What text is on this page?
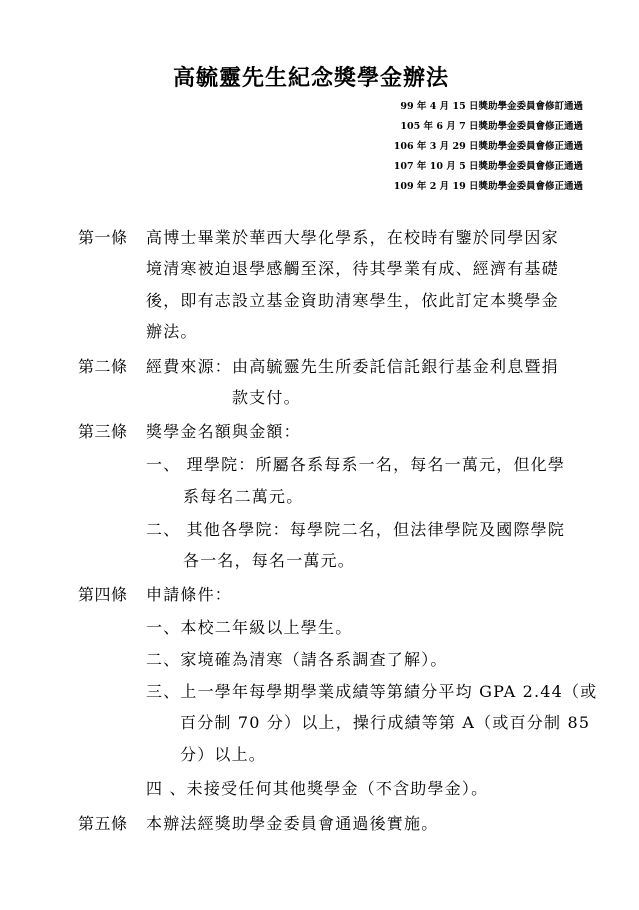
高毓靈先生紀念獎學金辦法
99 年 4 月 15 日獎助學金委員會修訂通過
105 年 6 月 7 日獎助學金委員會修正通過
106 年 3 月 29 日獎助學金委員會修正通過
107 年 10 月 5 日獎助學金委員會修正通過
109 年 2 月 19 日獎助學金委員會修正通過
第一條 高博士畢業於華西大學化學系，在校時有鑒於同學因家
境清寒被迫退學感觸至深，待其學業有成、經濟有基礎
後，即有志設立基金資助清寒學生，依此訂定本獎學金
辦法。
第二條 經費來源：由高毓靈先生所委託信託銀行基金利息暨捐
款支付。
第三條 獎學金名額與金額：
一、 理學院：所屬各系每系一名，每名一萬元，但化學
系每名二萬元。
二、 其他各學院：每學院二名，但法律學院及國際學院
各一名，每名一萬元。
第四條 申請條件：
一、本校二年級以上學生。
二、家境確為清寒（請各系調查了解）。
三、上一學年每學期學業成績等第績分平均 GPA 2.44（或
百分制 70 分）以上，操行成績等第 A（或百分制 85
分）以上。
四 、未接受任何其他獎學金（不含助學金）。
第五條 本辦法經獎助學金委員會通過後實施。
